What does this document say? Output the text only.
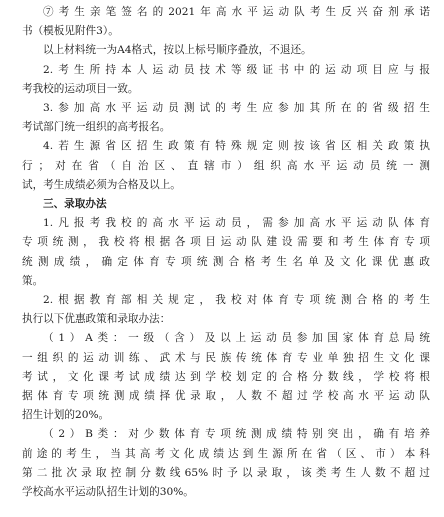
⑦考生亲笔签名的2021年高水平运动队考生反兴奋剂承诺
书（模板见附件3）。
以上材料统一为A4格式，按以上标号顺序叠放，不退还。
2.考生所持本人运动员技术等级证书中的运动项目应与报
考我校的运动项目一致。
3.参加高水平运动员测试的考生应参加其所在的省级招生
考试部门统一组织的高考报名。
4.若生源省区招生政策有特殊规定则按该省区相关政策执
行；对在省（自治区、直辖市）组织高水平运动员统一测
试，考生成绩必须为合格及以上。
三、录取办法
1.凡报考我校的高水平运动员，需参加高水平运动队体育
专项统测，我校将根据各项目运动队建设需要和考生体育专项
统测成绩，确定体育专项统测合格考生名单及文化课优惠政
策。
2.根据教育部相关规定，我校对体育专项统测合格的考生
执行以下优惠政策和录取办法：
（1）A类：一级（含）及以上运动员参加国家体育总局统
一组织的运动训练、武术与民族传统体育专业单独招生文化课
考试，文化课考试成绩达到学校划定的合格分数线，学校将根
据体育专项统测成绩择优录取，人数不超过学校高水平运动队
招生计划的20%。
（2）B类：对少数体育专项统测成绩特别突出，确有培养
前途的考生，当其高考文化成绩达到生源所在省（区、市）本科
第二批次录取控制分数线65%时予以录取，该类考生人数不超过
学校高水平运动队招生计划的30%。
